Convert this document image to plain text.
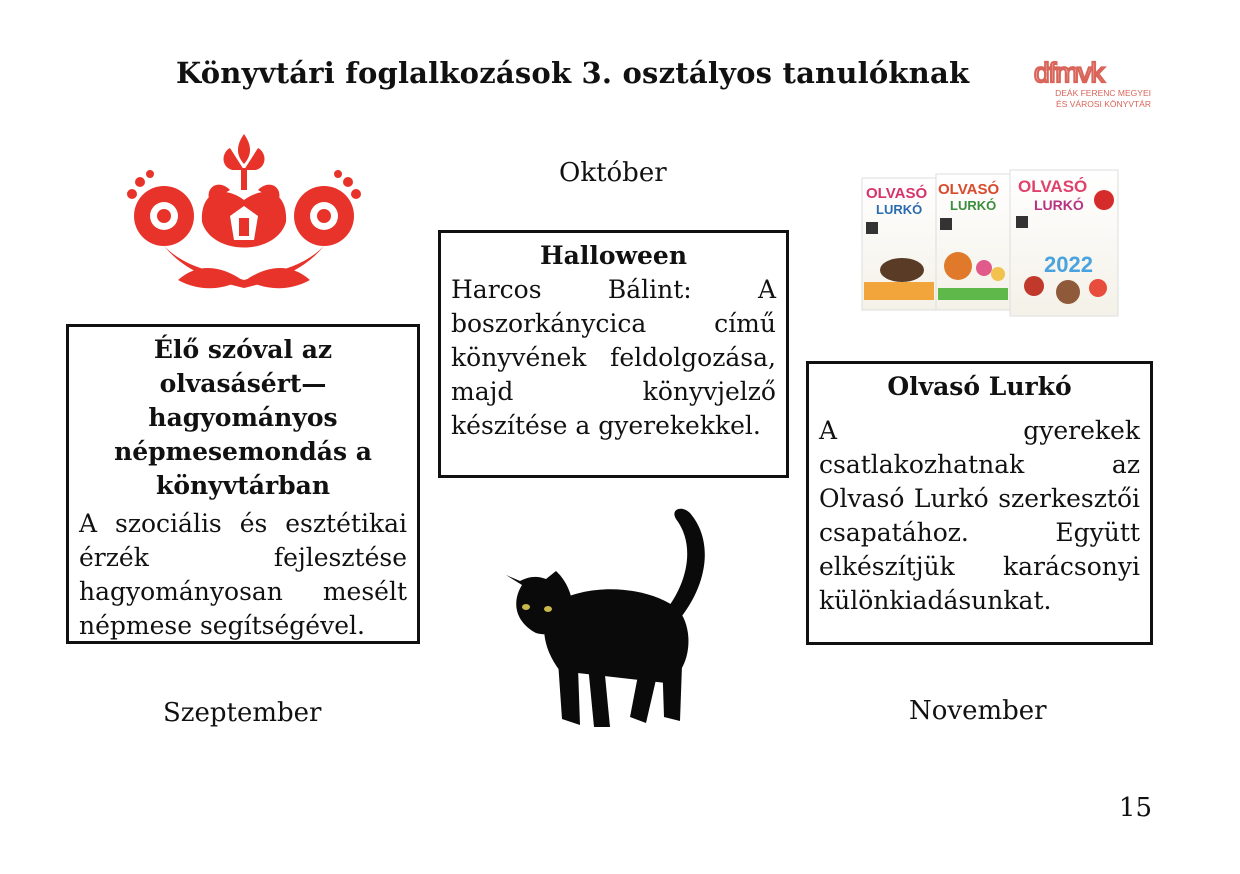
Könyvtári foglalkozások 3. osztályos tanulóknak dfmvk
DEÁK FERENC MEGYEI
ÉS VÁROSI KÖNYVTÁR
Október
Szeptember	November
OLVASÓ
LURKÓ
OLVASÓ
LURKÓ
OLVASÓ
LURKÓ
2022
Halloween
Harcos Bálint: A boszorkánycica című könyvének feldolgozása, majd könyvjelző készítése a gyerekekkel.
Élő szóval az olvasásért—hagyományos népmesemondás a könyvtárban
A szociális és esztétikai érzék fejlesztése hagyományosan mesélt népmese segítségével.
Olvasó Lurkó
A gyerekek csatlakozhatnak az Olvasó Lurkó szerkesztői csapatához. Együtt elkészítjük karácsonyi különkiadásunkat.
15
